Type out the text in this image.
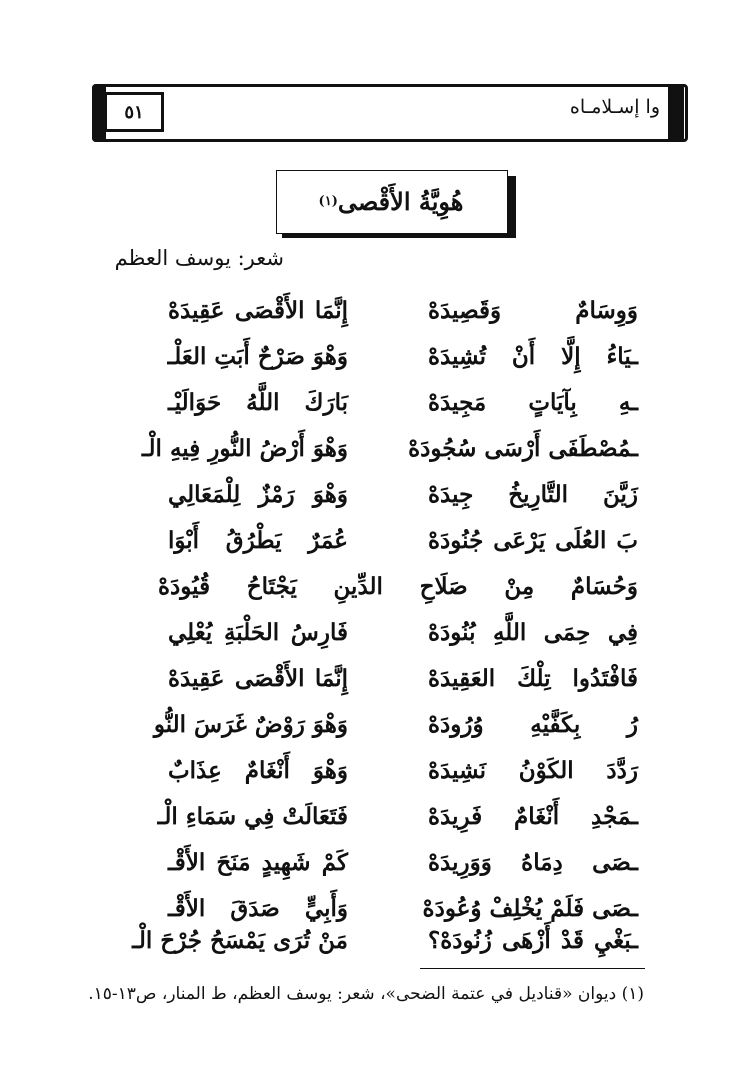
٥١	وا إسـلامـاه
هُوِيَّةُ الأَقْصى
(١)
شعر: يوسف العظم
إِنَّمَا الأَقْصَى عَقِيدَهْ	وَوِسَامٌ وَقَصِيدَهْ
وَهْوَ صَرْحٌ أَبَتِ العَلْـ	ـيَاءُ إِلَّا أَنْ تُشِيدَهْ
بَارَكَ اللَّهُ حَوَالَيْـ	ـهِ بِآيَاتٍ مَجِيدَهْ
وَهْوَ أَرْضُ النُّورِ فِيهِ الْـ	ـمُصْطَفَى أَرْسَى سُجُودَهْ
وَهْوَ رَمْزٌ لِلْمَعَالِي	زَيَّنَ التَّارِيخُ جِيدَهْ
عُمَرٌ يَطْرُقُ أَبْوَا	بَ العُلَى يَرْعَى جُنُودَهْ
وَحُسَامٌ مِنْ صَلَاحِ الدِّينِ يَجْتَاحُ قُيُودَهْ
فَارِسُ الحَلْبَةِ يُعْلِي	فِي حِمَى اللَّهِ بُنُودَهْ
إِنَّمَا الأَقْصَى عَقِيدَهْ	فَافْتَدُوا تِلْكَ العَقِيدَهْ
وَهْوَ رَوْضٌ غَرَسَ النُّو	رُ بِكَفَّيْهِ وُرُودَهْ
وَهْوَ أَنْغَامٌ عِذَابٌ	رَدَّدَ الكَوْنُ نَشِيدَهْ
فَتَعَالَتْ فِي سَمَاءِ الْـ	ـمَجْدِ أَنْغَامٌ فَرِيدَهْ
كَمْ شَهِيدٍ مَنَحَ الأَقْـ	ـصَى دِمَاهُ وَوَرِيدَهْ
وَأَبِيٍّ صَدَقَ الأَقْـ	ـصَى فَلَمْ يُخْلِفْ وُعُودَهْ
مَنْ تُرَى يَمْسَحُ جُرْحَ الْـ	ـبَغْيِ قَدْ أَزْهَى زُنُودَهْ؟
(١) ديوان «قناديل في عتمة الضحى»، شعر: يوسف العظم، ط المنار، ص١٣-١٥.
